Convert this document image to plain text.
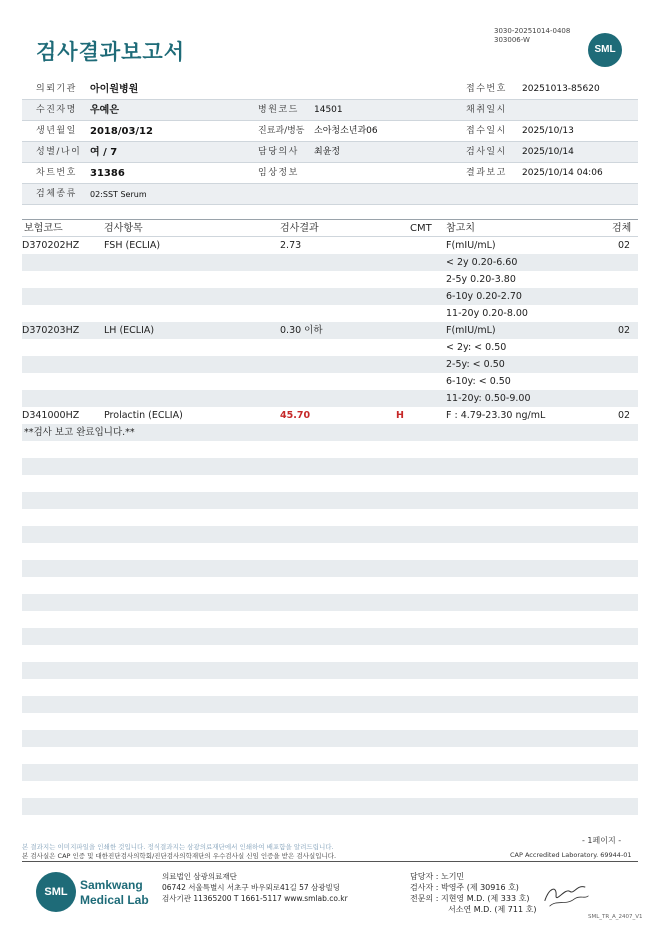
검사결과보고서
3030-20251014-0408
303006-W
SML
의뢰기관 아이원병원	접수번호 20251013-85620
수진자명 우예은	병원코드 14501	채취일시
생년월일 2018/03/12	진료과/병동 소아청소년과06	접수일시 2025/10/13
성별/나이 여 / 7	담당의사 최윤정	검사일시 2025/10/14
차트번호 31386	임상정보	결과보고 2025/10/14 04:06
검체종류 02:SST Serum
보험코드	검사항목	검사결과	CMT 참고치	검체
D370202HZ	FSH (ECLIA)	2.73	F(mIU/mL)	02
< 2y 0.20-6.60
2-5y 0.20-3.80
6-10y 0.20-2.70
11-20y 0.20-8.00
D370203HZ	LH (ECLIA)	0.30 이하	F(mIU/mL)	02
< 2y: < 0.50
2-5y: < 0.50
6-10y: < 0.50
11-20y: 0.50-9.00
D341000HZ	Prolactin (ECLIA)	45.70	H	F : 4.79-23.30 ng/mL	02
**검사 보고 완료입니다.**
- 1페이지 -
본 결과지는 이미지파일을 인쇄한 것입니다. 정식결과지는 삼광의료재단에서 인쇄하여 배포함을 알려드립니다.
본 검사실은 CAP 인증 및 대한진단검사의학회/진단검사의학재단의 우수검사실 신임 인증을 받은 검사실입니다.	CAP Accredited Laboratory. 69944-01
SML	Samkwang
Medical Lab
의료법인 삼광의료재단
06742 서울특별시 서초구 바우뫼로41길 57 삼광빌딩
검사기관 11365200 T 1661-5117 www.smlab.co.kr
담당자 : 노기민
검사자 : 박영주 (제 30916 호)
전문의 : 지현영 M.D. (제 333 호)
서소연 M.D. (제 711 호)
SML_TR_A_2407_V1
